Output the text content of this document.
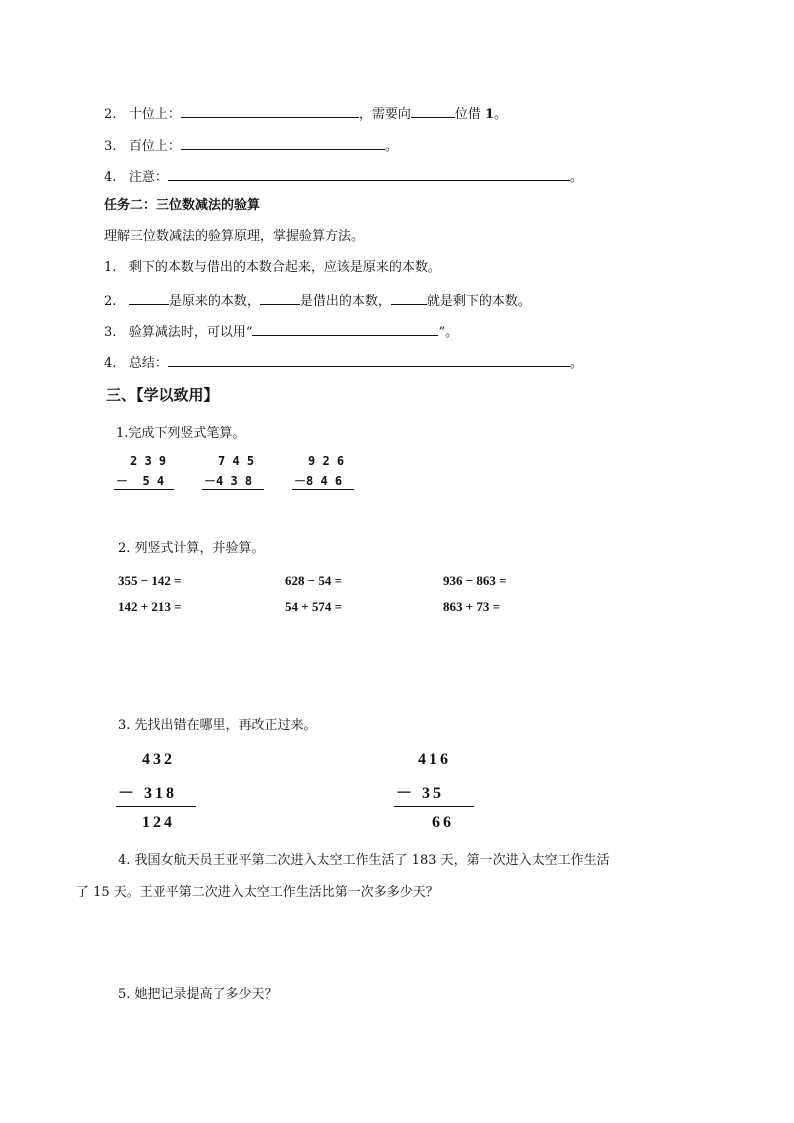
2. 十位上：	，需要向	位借 1。
3. 百位上：	。
4. 注意：	。
任务二：三位数减法的验算
理解三位数减法的验算原理，掌握验算方法。
1. 剩下的本数与借出的本数合起来，应该是原来的本数。
2.	是原来的本数，	是借出的本数，	就是剩下的本数。
3. 验算减法时，可以用“	”。
4. 总结：	。
三、【学以致用】
1.完成下列竖式笔算。
2 3 9
－  5 4
7 4 5
－4 3 8
9 2 6
－8 4 6
2. 列竖式计算，并验算。
355 − 142 =	628 − 54 =	936 − 863 =
142 + 213 =	54 + 574 =	863 + 73 =
3. 先找出错在哪里，再改正过来。
432
－ 318
124
416
－ 35
66
4. 我国女航天员王亚平第二次进入太空工作生活了 183 天，第一次进入太空工作生活
了 15 天。王亚平第二次进入太空工作生活比第一次多多少天？
5. 她把记录提高了多少天？
